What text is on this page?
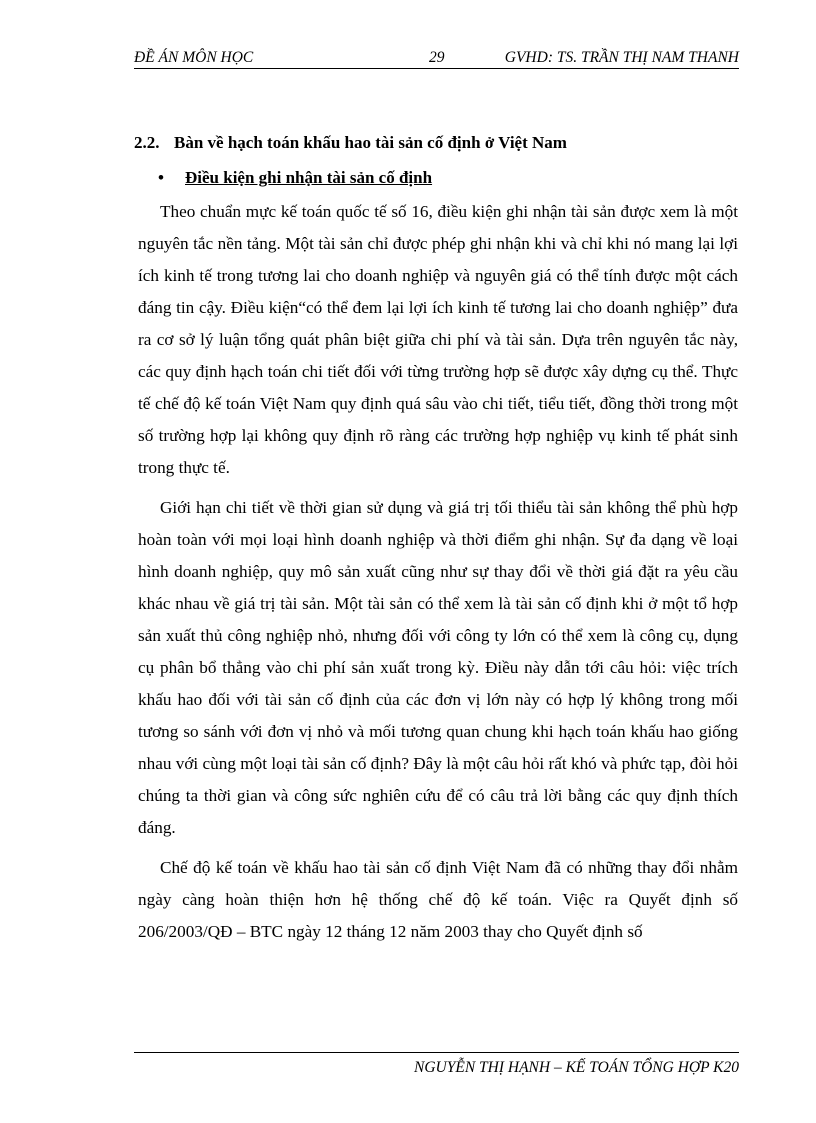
ĐỀ ÁN MÔN HỌC	29	GVHD: TS. TRẦN THỊ NAM THANH
2.2. Bàn về hạch toán khấu hao tài sản cố định ở Việt Nam
• Điều kiện ghi nhận tài sản cố định

Theo chuẩn mực kế toán quốc tế số 16, điều kiện ghi nhận tài sản được xem là một nguyên tắc nền tảng. Một tài sản chỉ được phép ghi nhận khi và chỉ khi nó mang lại lợi ích kinh tế trong tương lai cho doanh nghiệp và nguyên giá có thể tính được một cách đáng tin cậy. Điều kiện“có thể đem lại lợi ích kinh tế tương lai cho doanh nghiệp” đưa ra cơ sở lý luận tổng quát phân biệt giữa chi phí và tài sản. Dựa trên nguyên tắc này, các quy định hạch toán chi tiết đối với từng trường hợp sẽ được xây dựng cụ thể. Thực tế chế độ kế toán Việt Nam quy định quá sâu vào chi tiết, tiểu tiết, đồng thời trong một số trường hợp lại không quy định rõ ràng các trường hợp nghiệp vụ kinh tế phát sinh trong thực tế.

Giới hạn chi tiết về thời gian sử dụng và giá trị tối thiểu tài sản không thể phù hợp hoàn toàn với mọi loại hình doanh nghiệp và thời điểm ghi nhận. Sự đa dạng về loại hình doanh nghiệp, quy mô sản xuất cũng như sự thay đổi về thời giá đặt ra yêu cầu khác nhau về giá trị tài sản. Một tài sản có thể xem là tài sản cố định khi ở một tổ hợp sản xuất thủ công nghiệp nhỏ, nhưng đối với công ty lớn có thể xem là công cụ, dụng cụ phân bổ thẳng vào chi phí sản xuất trong kỳ. Điều này dẫn tới câu hỏi: việc trích khấu hao đối với tài sản cố định của các đơn vị lớn này có hợp lý không trong mối tương so sánh với đơn vị nhỏ và mối tương quan chung khi hạch toán khấu hao giống nhau với cùng một loại tài sản cố định? Đây là một câu hỏi rất khó và phức tạp, đòi hỏi chúng ta thời gian và công sức nghiên cứu để có câu trả lời bằng các quy định thích đáng.

Chế độ kế toán về khấu hao tài sản cố định Việt Nam đã có những thay đổi nhằm ngày càng hoàn thiện hơn hệ thống chế độ kế toán. Việc ra Quyết định số 206/2003/QĐ – BTC ngày 12 tháng 12 năm 2003 thay cho Quyết định số

NGUYỄN THỊ HẠNH – KẾ TOÁN TỔNG HỢP K20
